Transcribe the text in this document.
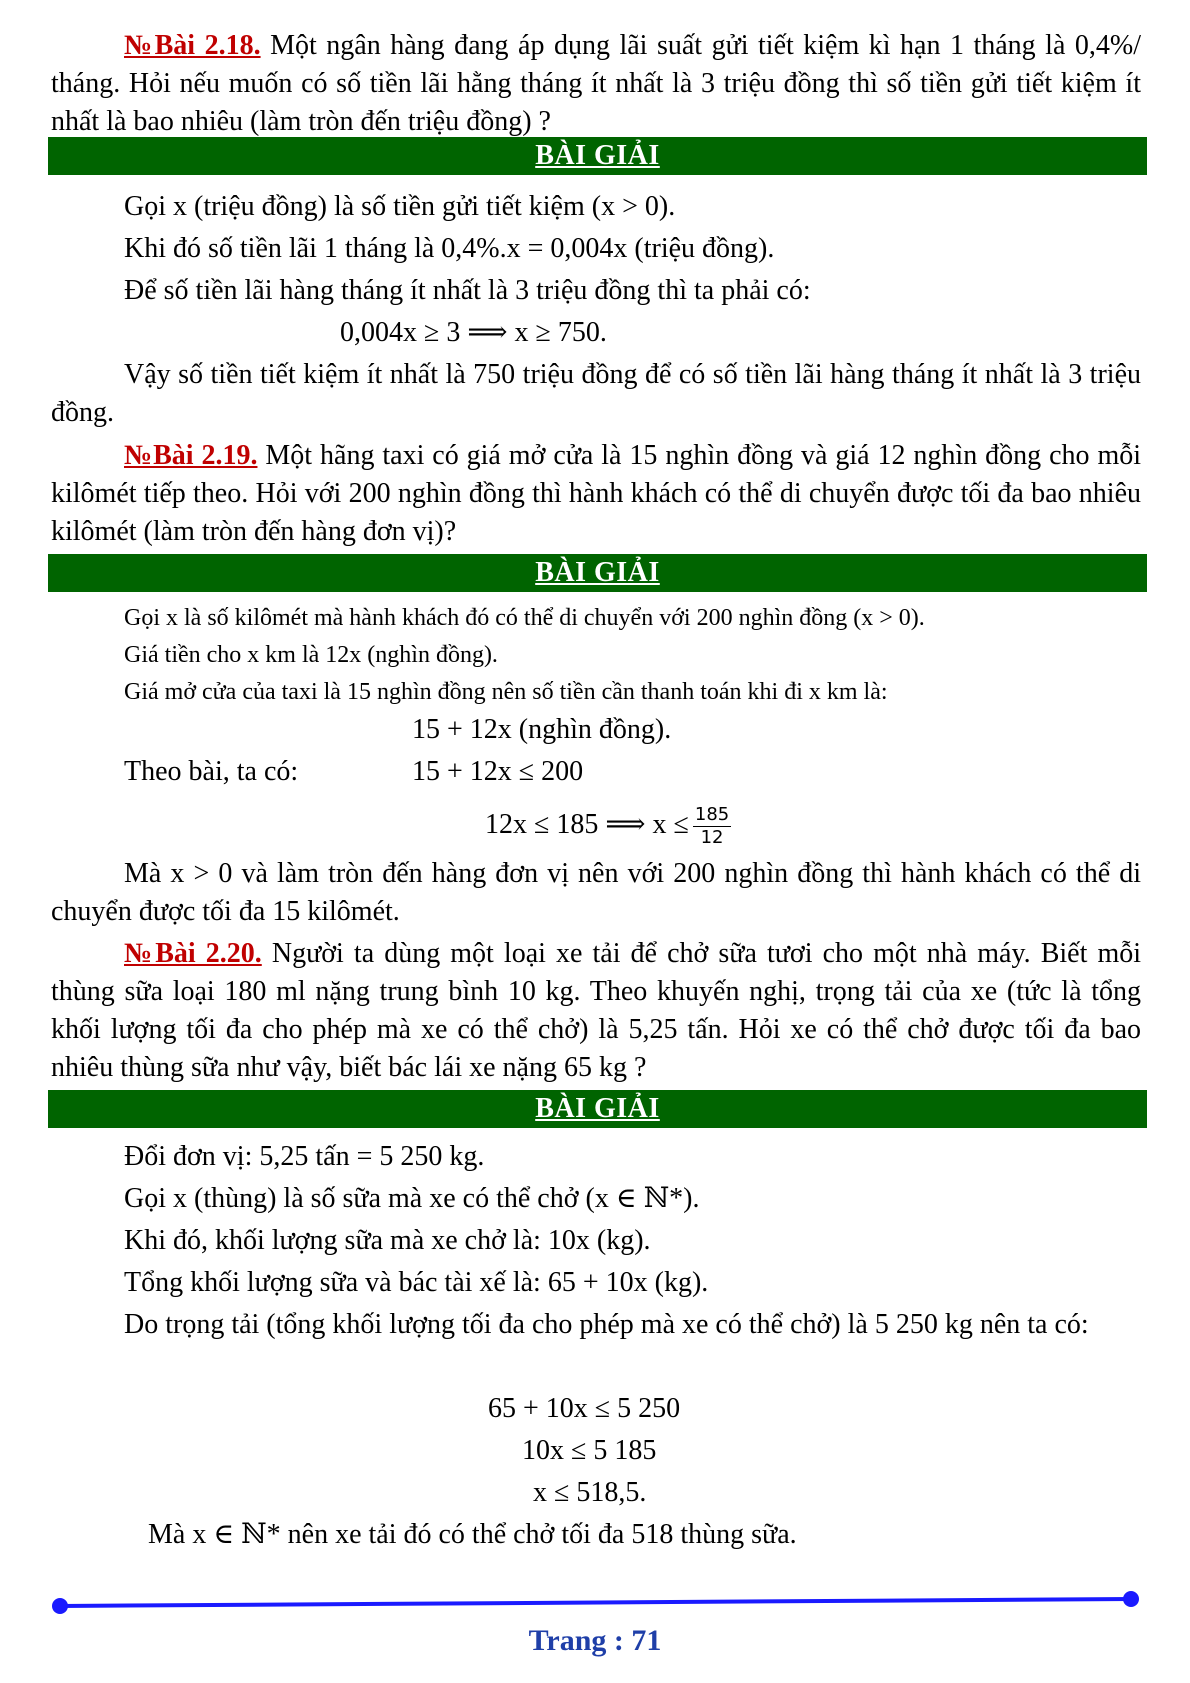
№Bài 2.18. Một ngân hàng đang áp dụng lãi suất gửi tiết kiệm kì hạn 1 tháng là 0,4%/ tháng. Hỏi nếu muốn có số tiền lãi hằng tháng ít nhất là 3 triệu đồng thì số tiền gửi tiết kiệm ít nhất là bao nhiêu (làm tròn đến triệu đồng) ?

BÀI GIẢI

Gọi x (triệu đồng) là số tiền gửi tiết kiệm (x > 0).

Khi đó số tiền lãi 1 tháng là 0,4%.x = 0,004x (triệu đồng).

Để số tiền lãi hàng tháng ít nhất là 3 triệu đồng thì ta phải có:

0,004x ≥ 3 ⟹ x ≥ 750.

Vậy số tiền tiết kiệm ít nhất là 750 triệu đồng để có số tiền lãi hàng tháng ít nhất là 3 triệu đồng.

№Bài 2.19. Một hãng taxi có giá mở cửa là 15 nghìn đồng và giá 12 nghìn đồng cho mỗi kilômét tiếp theo. Hỏi với 200 nghìn đồng thì hành khách có thể di chuyển được tối đa bao nhiêu kilômét (làm tròn đến hàng đơn vị)?

BÀI GIẢI

Gọi x là số kilômét mà hành khách đó có thể di chuyển với 200 nghìn đồng (x > 0).

Giá tiền cho x km là 12x (nghìn đồng).

Giá mở cửa của taxi là 15 nghìn đồng nên số tiền cần thanh toán khi đi x km là:

15 + 12x (nghìn đồng).

Theo bài, ta có:	15 + 12x ≤ 200

12x ≤ 185 ⟹ $x \le \frac{185}{12}$

Mà x > 0 và làm tròn đến hàng đơn vị nên với 200 nghìn đồng thì hành khách có thể di chuyển được tối đa 15 kilômét.

№Bài 2.20. Người ta dùng một loại xe tải để chở sữa tươi cho một nhà máy. Biết mỗi thùng sữa loại 180 ml nặng trung bình 10 kg. Theo khuyến nghị, trọng tải của xe (tức là tổng khối lượng tối đa cho phép mà xe có thể chở) là 5,25 tấn. Hỏi xe có thể chở được tối đa bao nhiêu thùng sữa như vậy, biết bác lái xe nặng 65 kg ?

BÀI GIẢI

Đổi đơn vị: 5,25 tấn = 5 250 kg.

Gọi x (thùng) là số sữa mà xe có thể chở (x ∈ ℕ*).

Khi đó, khối lượng sữa mà xe chở là: 10x (kg).

Tổng khối lượng sữa và bác tài xế là: 65 + 10x (kg).

Do trọng tải (tổng khối lượng tối đa cho phép mà xe có thể chở) là 5 250 kg nên ta có:

65 + 10x ≤ 5 250

10x ≤ 5 185

x ≤ 518,5.

Mà x ∈ ℕ* nên xe tải đó có thể chở tối đa 518 thùng sữa.

Trang : 71
